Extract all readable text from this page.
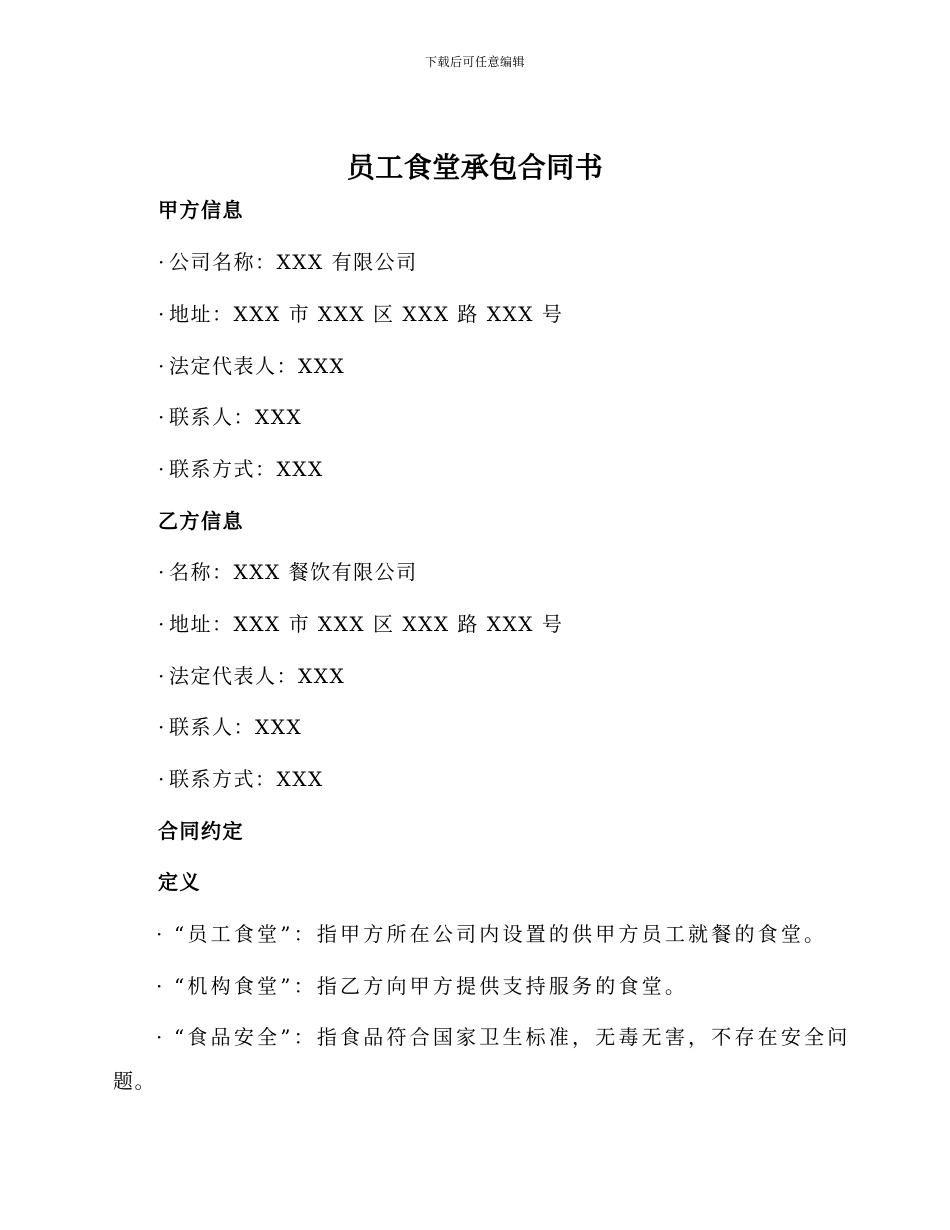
下载后可任意编辑
员工食堂承包合同书
甲方信息
· 公司名称：XXX 有限公司
· 地址：XXX 市 XXX 区 XXX 路 XXX 号
· 法定代表人：XXX
· 联系人：XXX
· 联系方式：XXX
乙方信息
· 名称：XXX 餐饮有限公司
· 地址：XXX 市 XXX 区 XXX 路 XXX 号
· 法定代表人：XXX
· 联系人：XXX
· 联系方式：XXX
合同约定
定义
· “员工食堂”：指甲方所在公司内设置的供甲方员工就餐的食堂。
· “机构食堂”：指乙方向甲方提供支持服务的食堂。
· “食品安全”：指食品符合国家卫生标准，无毒无害，不存在安全问
题。
